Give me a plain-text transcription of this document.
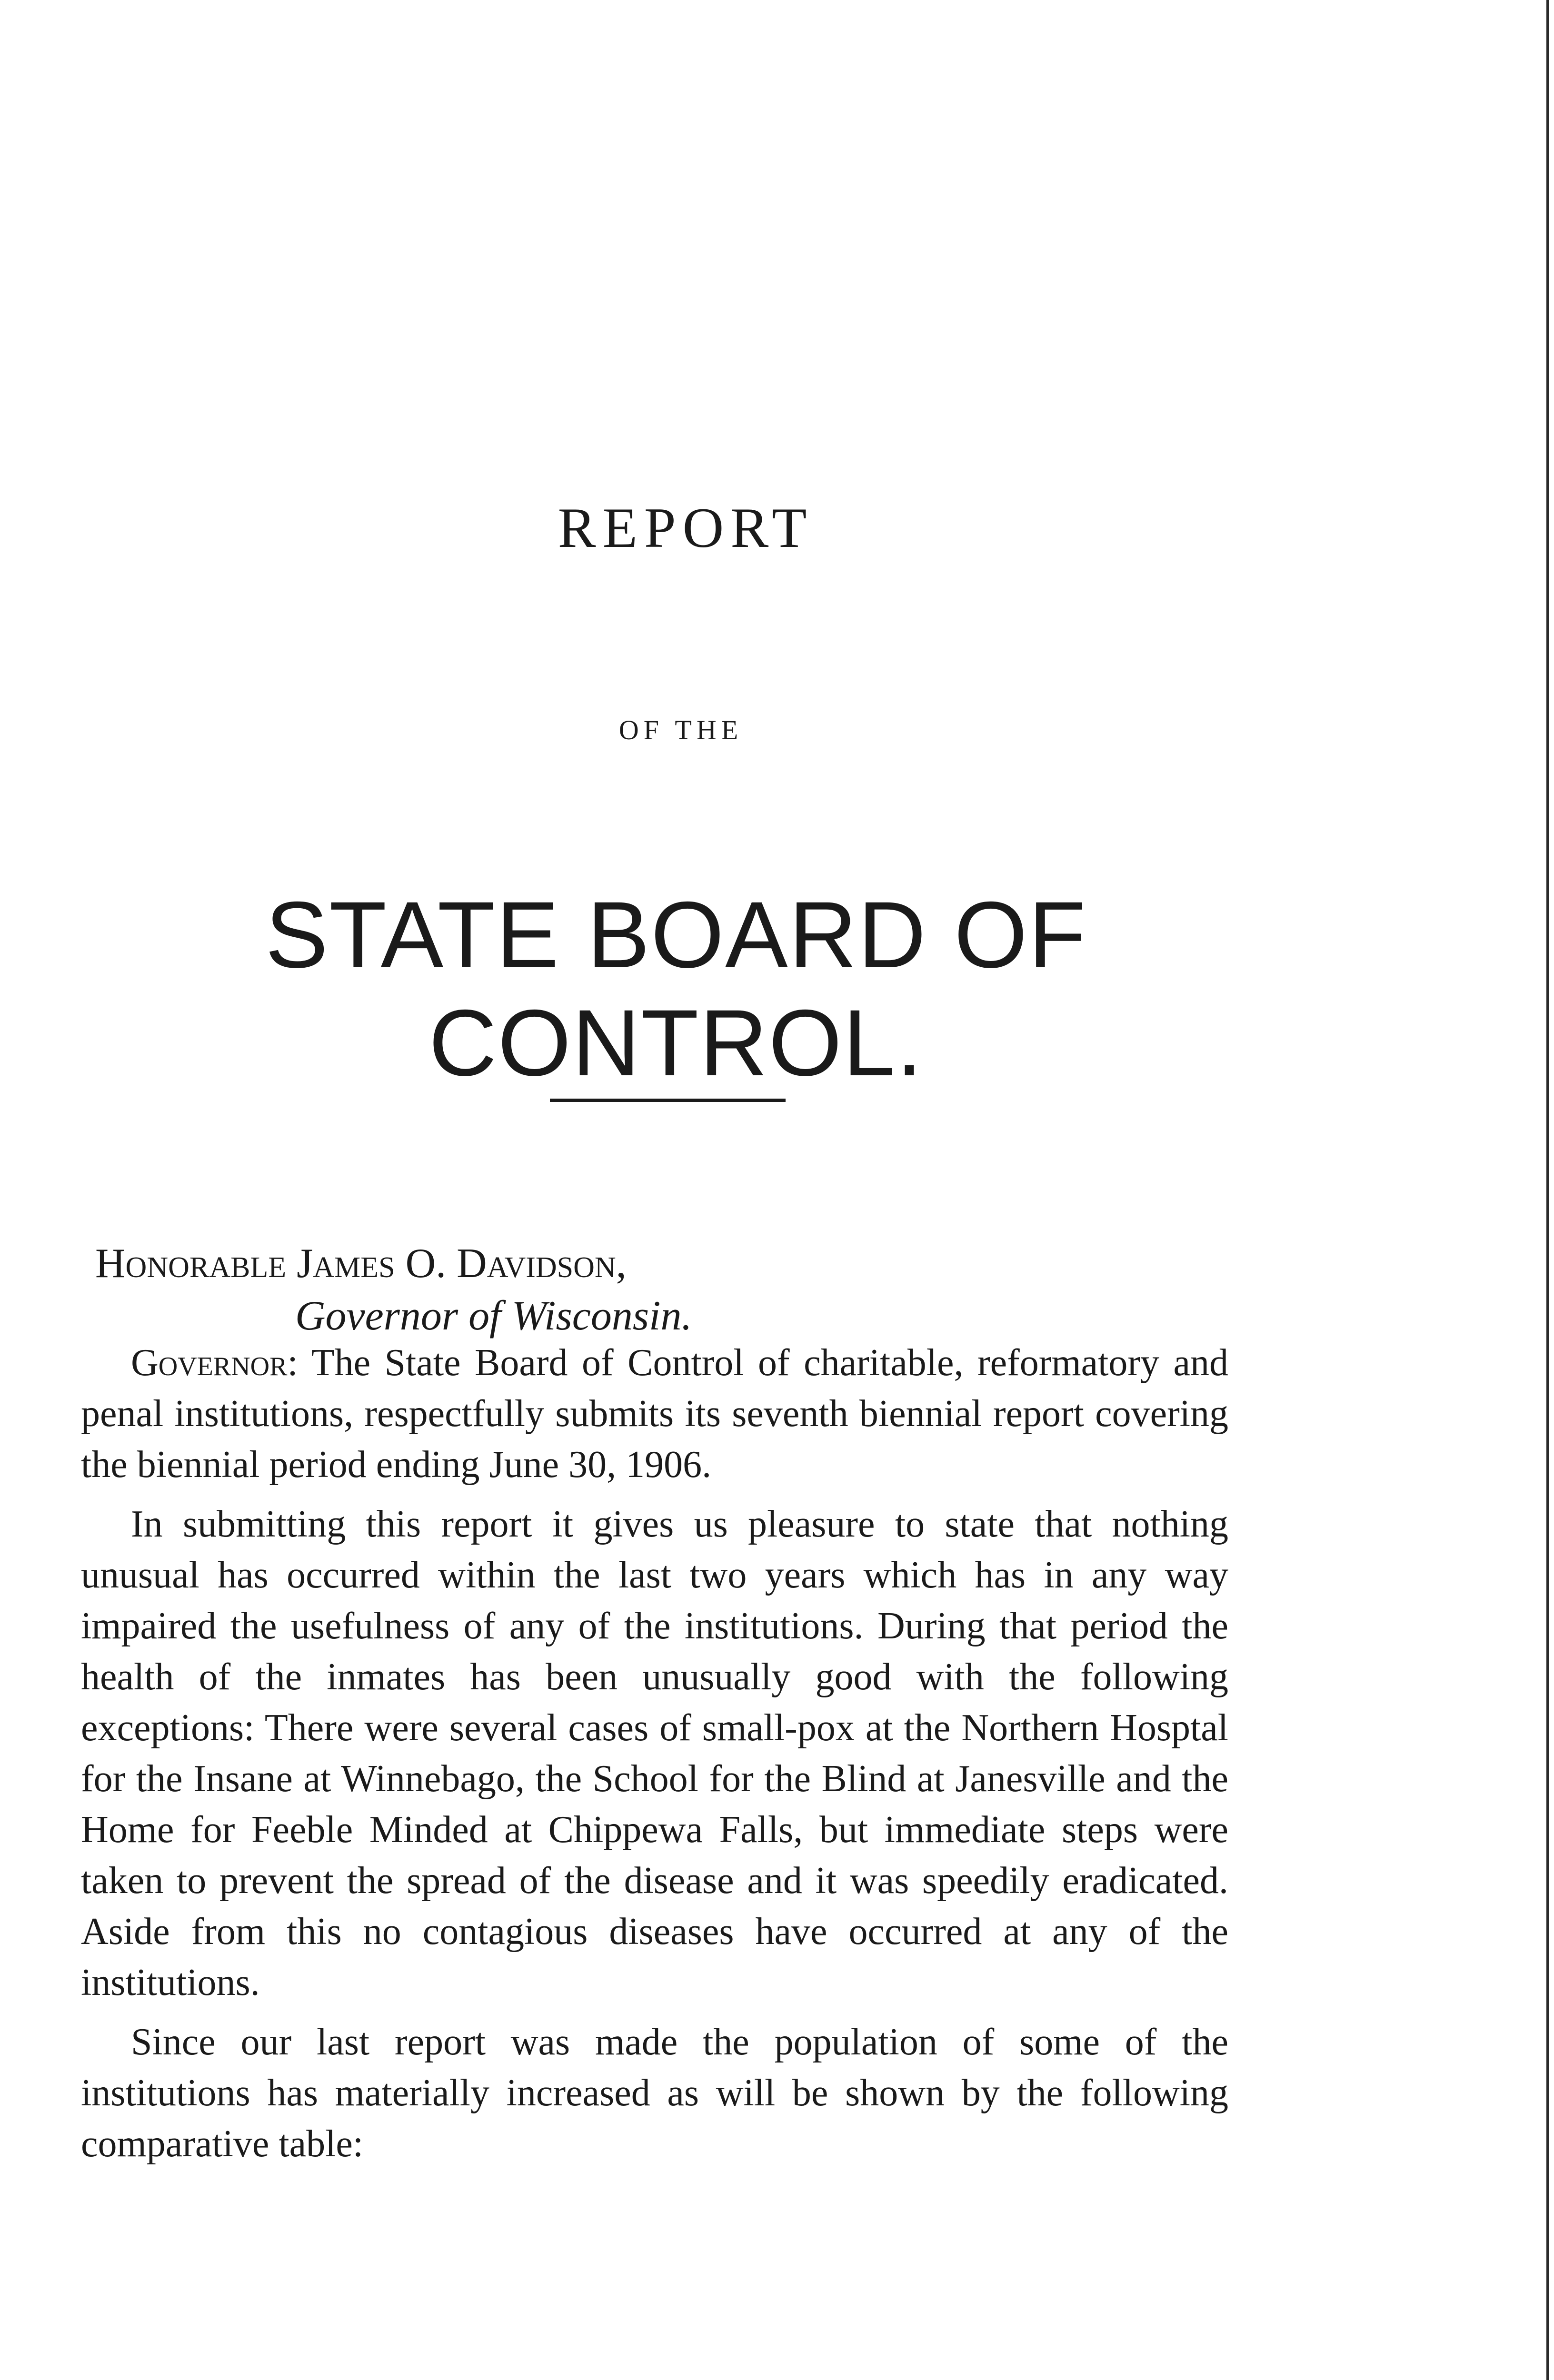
REPORT
OF THE
STATE BOARD OF CONTROL.
Honorable James O. Davidson,
Governor of Wisconsin.

Governor: The State Board of Control of charitable, reformatory and penal institutions, respectfully submits its seventh biennial report covering the biennial period ending June 30, 1906.

In submitting this report it gives us pleasure to state that nothing unusual has occurred within the last two years which has in any way impaired the usefulness of any of the institutions. During that period the health of the inmates has been unusually good with the following exceptions: There were several cases of small-pox at the Northern Hosptal for the Insane at Winnebago, the School for the Blind at Janesville and the Home for Feeble Minded at Chippewa Falls, but immediate steps were taken to prevent the spread of the disease and it was speedily eradicated. Aside from this no contagious diseases have occurred at any of the institutions.

Since our last report was made the population of some of the institutions has materially increased as will be shown by the following comparative table:
